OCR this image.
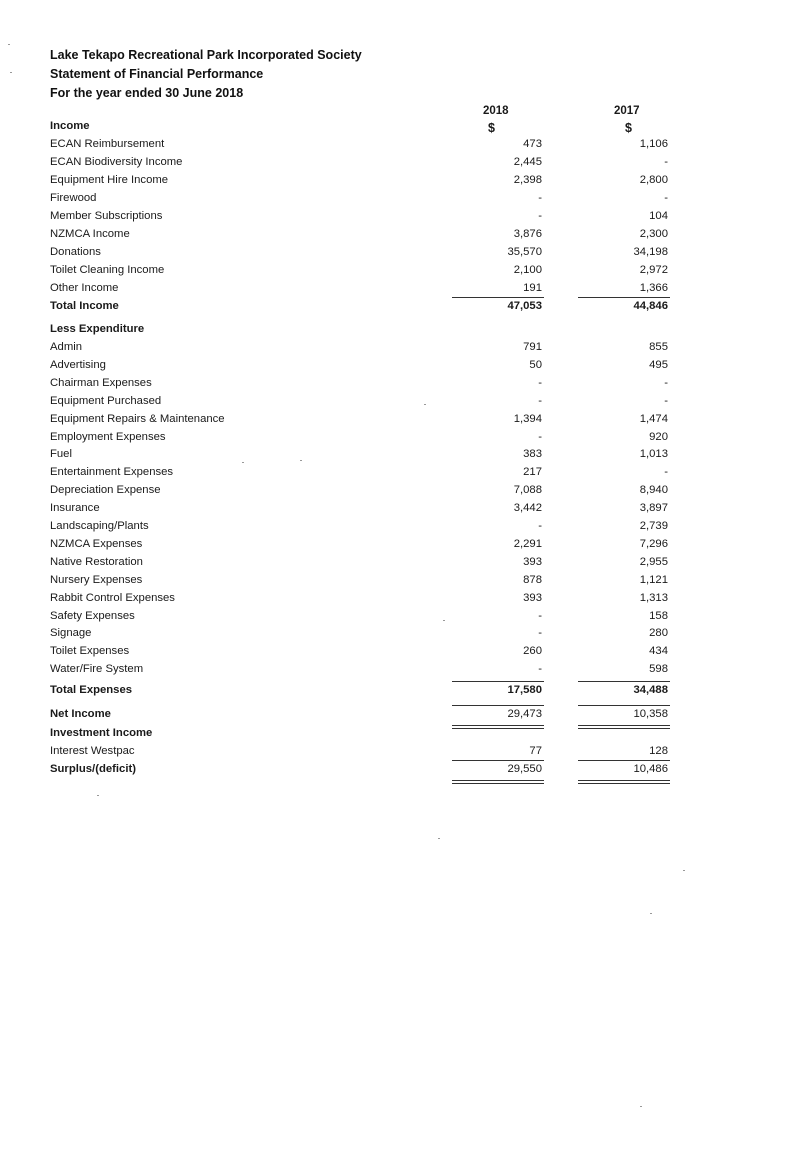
Lake Tekapo Recreational Park Incorporated Society
Statement of Financial Performance
For the year ended 30 June 2018
2018	2017
$	$
Income
ECAN Reimbursement	473	1,106
ECAN Biodiversity Income	2,445	-
Equipment Hire Income	2,398	2,800
Firewood	-	-
Member Subscriptions	-	104
NZMCA Income	3,876	2,300
Donations	35,570	34,198
Toilet Cleaning Income	2,100	2,972
Other Income	191	1,366
Total Income	47,053	44,846
Less Expenditure
Admin	791	855
Advertising	50	495
Chairman Expenses	-	-
Equipment Purchased	-	-
Equipment Repairs & Maintenance	1,394	1,474
Employment Expenses	-	920
Fuel	383	1,013
Entertainment Expenses	217	-
Depreciation Expense	7,088	8,940
Insurance	3,442	3,897
Landscaping/Plants	-	2,739
NZMCA Expenses	2,291	7,296
Native Restoration	393	2,955
Nursery Expenses	878	1,121
Rabbit Control Expenses	393	1,313
Safety Expenses	-	158
Signage	-	280
Toilet Expenses	260	434
Water/Fire System	-	598
Total Expenses	17,580	34,488
Net Income	29,473	10,358
Investment Income
Interest Westpac	77	128
Surplus/(deficit)	29,550	10,486
